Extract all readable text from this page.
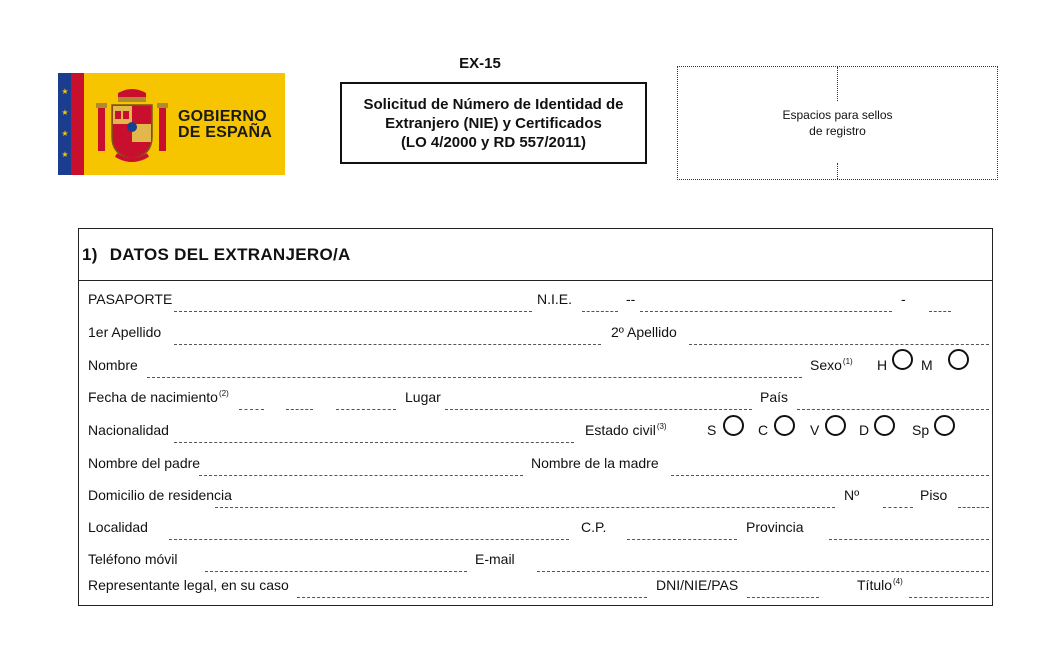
★
★
★
★
GOBIERNO
DE ESPAÑA
EX-15
Solicitud de Número de Identidad de
Extranjero (NIE) y Certificados
(LO 4/2000 y RD 557/2011)
Espacios para sellos
de registro
1) DATOS DEL EXTRANJERO/A
PASAPORTE	N.I.E.	--	-
1er Apellido	2º Apellido
Nombre	Sexo$^{(1)}$ H M
Fecha de nacimiento$^{(2)}$	Lugar	País
Nacionalidad	Estado civil$^{(3)}$	S	C	V	D	Sp
Nombre del padre	Nombre de la madre
Domicilio de residencia	Nº	Piso
Localidad	C.P.	Provincia
Teléfono móvil	E-mail
Representante legal, en su caso	DNI/NIE/PAS	Título$^{(4)}$
